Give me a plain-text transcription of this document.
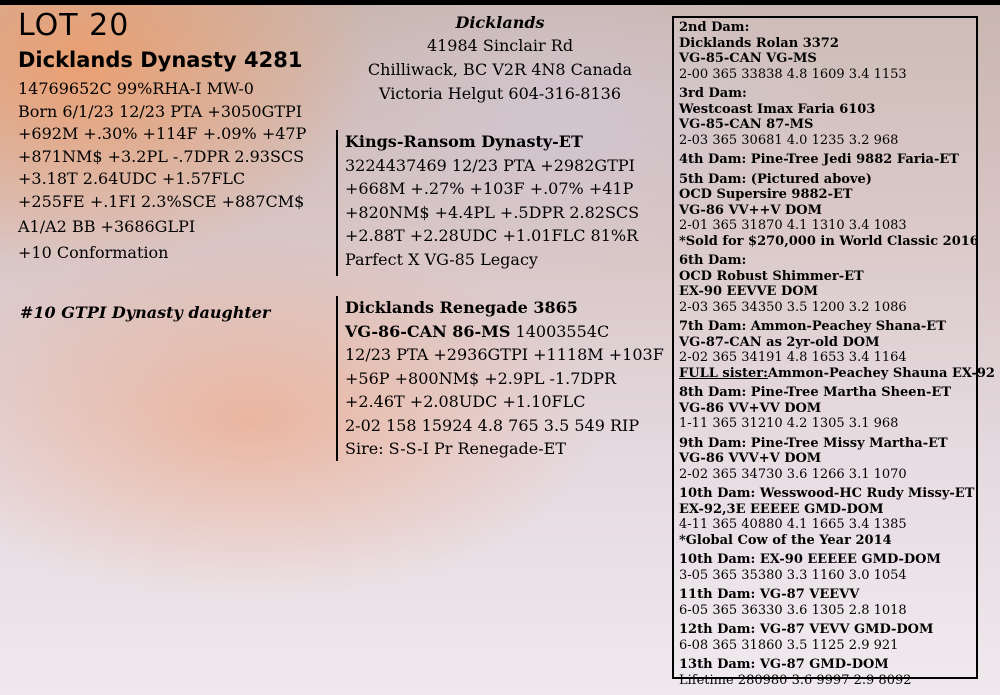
LOT 20
Dicklands Dynasty 4281
14769652C 99%RHA-I MW-0
Born 6/1/23 12/23 PTA +3050GTPI
+692M +.30% +114F +.09% +47P
+871NM$ +3.2PL -.7DPR 2.93SCS
+3.18T 2.64UDC +1.57FLC
+255FE +.1FI 2.3%SCE +887CM$
A1/A2 BB +3686GLPI
+10 Conformation
#10 GTPI Dynasty daughter
Dicklands
41984 Sinclair Rd
Chilliwack, BC V2R 4N8 Canada
Victoria Helgut 604-316-8136
Kings-Ransom Dynasty-ET
3224437469 12/23 PTA +2982GTPI
+668M +.27% +103F +.07% +41P
+820NM$ +4.4PL +.5DPR 2.82SCS
+2.88T +2.28UDC +1.01FLC 81%R
Parfect X VG-85 Legacy
Dicklands Renegade 3865
VG-86-CAN 86-MS 14003554C
12/23 PTA +2936GTPI +1118M +103F
+56P +800NM$ +2.9PL -1.7DPR
+2.46T +2.08UDC +1.10FLC
2-02 158 15924 4.8 765 3.5 549 RIP
Sire: S-S-I Pr Renegade-ET
2nd Dam:
Dicklands Rolan 3372
VG-85-CAN VG-MS
2-00 365 33838 4.8 1609 3.4 1153
3rd Dam:
Westcoast Imax Faria 6103
VG-85-CAN 87-MS
2-03 365 30681 4.0 1235 3.2 968
4th Dam: Pine-Tree Jedi 9882 Faria-ET
5th Dam: (Pictured above)
OCD Supersire 9882-ET
VG-86 VV++V DOM
2-01 365 31870 4.1 1310 3.4 1083
*Sold for $270,000 in World Classic 2016
6th Dam:
OCD Robust Shimmer-ET
EX-90 EEVVE DOM
2-03 365 34350 3.5 1200 3.2 1086
7th Dam: Ammon-Peachey Shana-ET
VG-87-CAN as 2yr-old DOM
2-02 365 34191 4.8 1653 3.4 1164
FULL sister:Ammon-Peachey Shauna EX-92
8th Dam: Pine-Tree Martha Sheen-ET
VG-86 VV+VV DOM
1-11 365 31210 4.2 1305 3.1 968
9th Dam: Pine-Tree Missy Martha-ET
VG-86 VVV+V DOM
2-02 365 34730 3.6 1266 3.1 1070
10th Dam: Wesswood-HC Rudy Missy-ET
EX-92,3E EEEEE GMD-DOM
4-11 365 40880 4.1 1665 3.4 1385
*Global Cow of the Year 2014
10th Dam: EX-90 EEEEE GMD-DOM
3-05 365 35380 3.3 1160 3.0 1054
11th Dam: VG-87 VEEVV
6-05 365 36330 3.6 1305 2.8 1018
12th Dam: VG-87 VEVV GMD-DOM
6-08 365 31860 3.5 1125 2.9 921
13th Dam: VG-87 GMD-DOM
Lifetime 280980 3.6 9997 2.9 8092
